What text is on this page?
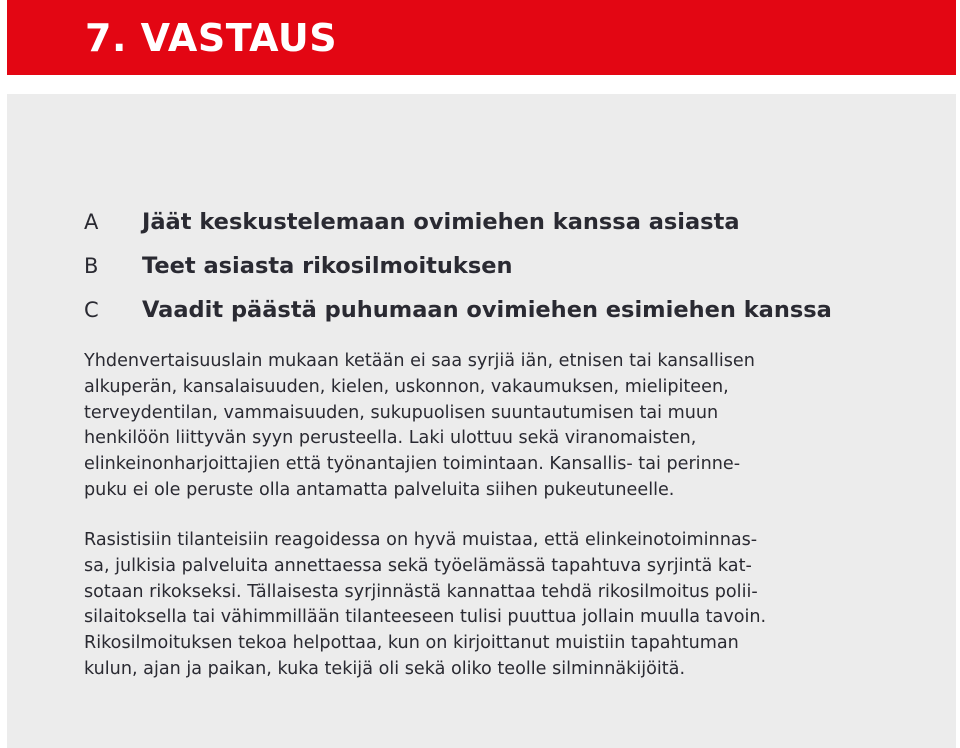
7. VASTAUS
A	Jäät keskustelemaan ovimiehen kanssa asiasta
B	Teet asiasta rikosilmoituksen
C	Vaadit päästä puhumaan ovimiehen esimiehen kanssa

Yhdenvertaisuuslain mukaan ketään ei saa syrjiä iän, etnisen tai kansallisen
alkuperän, kansalaisuuden, kielen, uskonnon, vakaumuksen, mielipiteen,
terveydentilan, vammaisuuden, sukupuolisen suuntautumisen tai muun
henkilöön liittyvän syyn perusteella. Laki ulottuu sekä viranomaisten,
elinkeinonharjoittajien että työnantajien toimintaan. Kansallis- tai perinne-
puku ei ole peruste olla antamatta palveluita siihen pukeutuneelle.

Rasistisiin tilanteisiin reagoidessa on hyvä muistaa, että elinkeinotoiminnas-
sa, julkisia palveluita annettaessa sekä työelämässä tapahtuva syrjintä kat-
sotaan rikokseksi. Tällaisesta syrjinnästä kannattaa tehdä rikosilmoitus polii-
silaitoksella tai vähimmillään tilanteeseen tulisi puuttua jollain muulla tavoin.
Rikosilmoituksen tekoa helpottaa, kun on kirjoittanut muistiin tapahtuman
kulun, ajan ja paikan, kuka tekijä oli sekä oliko teolle silminnäkijöitä.
